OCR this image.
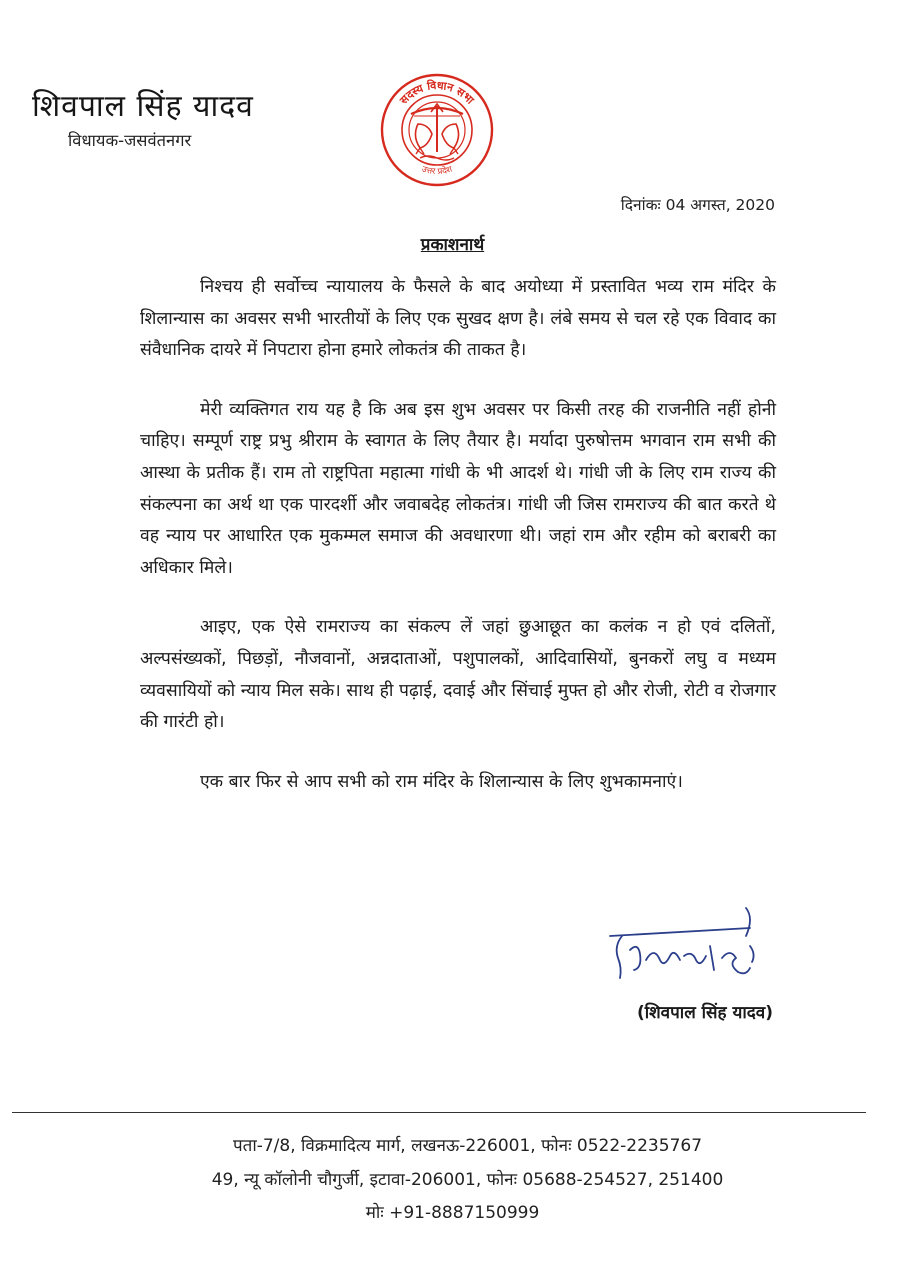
शिवपाल सिंह यादव
विधायक-जसवंतनगर
सदस्य विधान सभा
उत्तर प्रदेश
दिनांकः 04 अगस्त, 2020
प्रकाशनार्थ

निश्चय ही सर्वोच्च न्यायालय के फैसले के बाद अयोध्या में प्रस्तावित भव्य राम मंदिर के शिलान्यास का अवसर सभी भारतीयों के लिए एक सुखद क्षण है। लंबे समय से चल रहे एक विवाद का संवैधानिक दायरे में निपटारा होना हमारे लोकतंत्र की ताकत है।

मेरी व्यक्तिगत राय यह है कि अब इस शुभ अवसर पर किसी तरह की राजनीति नहीं होनी चाहिए। सम्पूर्ण राष्ट्र प्रभु श्रीराम के स्वागत के लिए तैयार है। मर्यादा पुरुषोत्तम भगवान राम सभी की आस्था के प्रतीक हैं। राम तो राष्ट्रपिता महात्मा गांधी के भी आदर्श थे। गांधी जी के लिए राम राज्य की संकल्पना का अर्थ था एक पारदर्शी और जवाबदेह लोकतंत्र। गांधी जी जिस रामराज्य की बात करते थे वह न्याय पर आधारित एक मुकम्मल समाज की अवधारणा थी। जहां राम और रहीम को बराबरी का अधिकार मिले।

आइए, एक ऐसे रामराज्य का संकल्प लें जहां छुआछूत का कलंक न हो एवं दलितों, अल्पसंख्यकों, पिछड़ों, नौजवानों, अन्नदाताओं, पशुपालकों, आदिवासियों, बुनकरों लघु व मध्यम व्यवसायियों को न्याय मिल सके। साथ ही पढ़ाई, दवाई और सिंचाई मुफ्त हो और रोजी, रोटी व रोजगार की गारंटी हो।

एक बार फिर से आप सभी को राम मंदिर के शिलान्यास के लिए शुभकामनाएं।

(शिवपाल सिंह यादव)
पता-7/8, विक्रमादित्य मार्ग, लखनऊ-226001, फोनः 0522-2235767
49, न्यू कॉलोनी चौगुर्जी, इटावा-206001, फोनः 05688-254527, 251400
मोः +91-8887150999
